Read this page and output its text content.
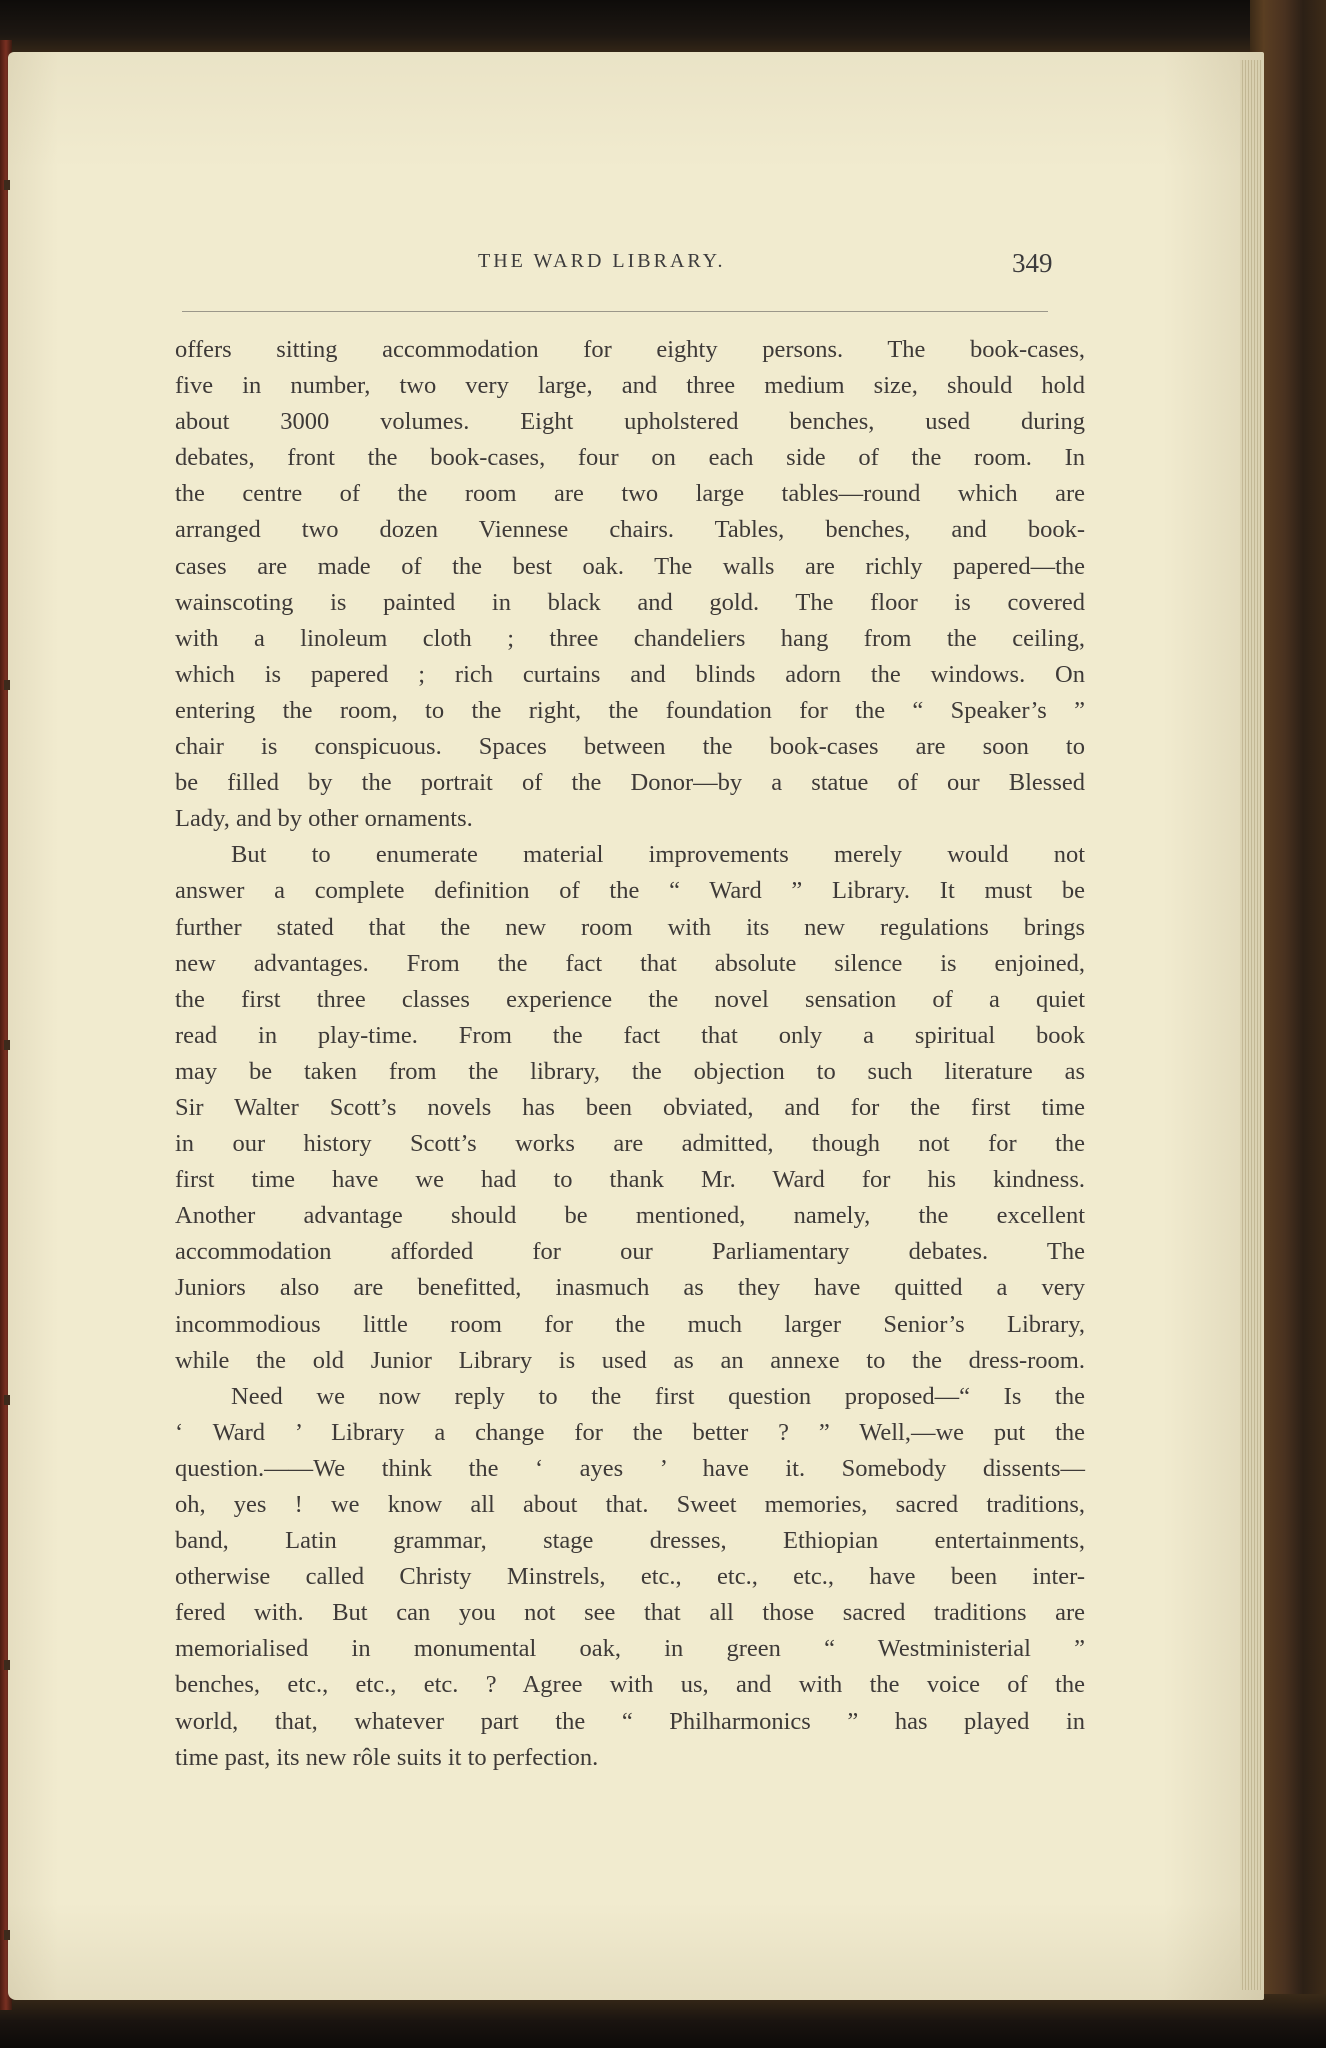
THE WARD LIBRARY.	349
offers sitting accommodation for eighty persons. The book-cases,
five in number, two very large, and three medium size, should hold
about 3000 volumes. Eight upholstered benches, used during
debates, front the book-cases, four on each side of the room. In
the centre of the room are two large tables—round which are
arranged two dozen Viennese chairs. Tables, benches, and book-
cases are made of the best oak. The walls are richly papered—the
wainscoting is painted in black and gold. The floor is covered
with a linoleum cloth ; three chandeliers hang from the ceiling,
which is papered ; rich curtains and blinds adorn the windows. On
entering the room, to the right, the foundation for the “ Speaker’s ”
chair is conspicuous. Spaces between the book-cases are soon to
be filled by the portrait of the Donor—by a statue of our Blessed
Lady, and by other ornaments.
But to enumerate material improvements merely would not
answer a complete definition of the “ Ward ” Library. It must be
further stated that the new room with its new regulations brings
new advantages. From the fact that absolute silence is enjoined,
the first three classes experience the novel sensation of a quiet
read in play-time. From the fact that only a spiritual book
may be taken from the library, the objection to such literature as
Sir Walter Scott’s novels has been obviated, and for the first time
in our history Scott’s works are admitted, though not for the
first time have we had to thank Mr. Ward for his kindness.
Another advantage should be mentioned, namely, the excellent
accommodation afforded for our Parliamentary debates. The
Juniors also are benefitted, inasmuch as they have quitted a very
incommodious little room for the much larger Senior’s Library,
while the old Junior Library is used as an annexe to the dress-room.
Need we now reply to the first question proposed—“ Is the
‘ Ward ’ Library a change for the better ? ” Well,—we put the
question.——We think the ‘ ayes ’ have it. Somebody dissents—
oh, yes ! we know all about that. Sweet memories, sacred traditions,
band, Latin grammar, stage dresses, Ethiopian entertainments,
otherwise called Christy Minstrels, etc., etc., etc., have been inter-
fered with. But can you not see that all those sacred traditions are
memorialised in monumental oak, in green “ Westministerial ”
benches, etc., etc., etc. ? Agree with us, and with the voice of the
world, that, whatever part the “ Philharmonics ” has played in
time past, its new rôle suits it to perfection.
